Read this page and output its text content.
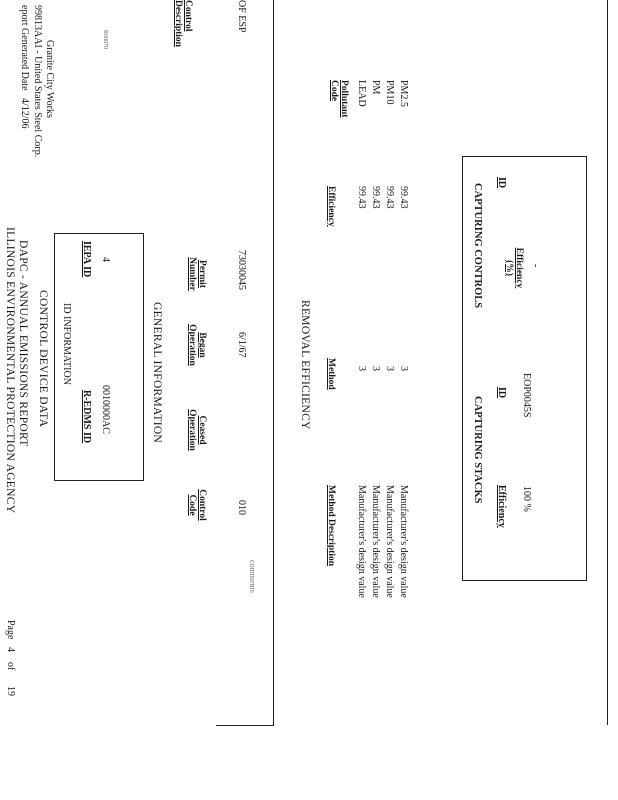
eport Generated Date
4/12/06 99813AAI - United States Steel Corp. Granite City Works
R00070
ILLINOIS ENVIRONMENTAL PROTECTION AGENCY DAPC - ANNUAL EMISSIONS REPORT
Page
4
of
19
CONTROL DEVICE DATA ID INFORMATION
IEPA ID 4
R-EDMS ID 0010000AC	GENERAL INFORMATION
Control Description
Permit Number
Began Operation
Ceased Operation
Control Code
OF ESP
73030045
6/1/67
010
comments
REMOVAL EFFICIENCY
Pollutant Code
Efficiency
Method
Method Description
LEAD
99.43
3
Manufacturer's design value
PM
99.43
3
Manufacturer's design value
PM10
99.43
3
Manufacturer's design value
PM2.5
99.43
3
Manufacturer's design value
CAPTURING CONTROLS
ID
Efficiency (%)	-
CAPTURING STACKS
ID
Efficiency
EOP0045S
100 %
